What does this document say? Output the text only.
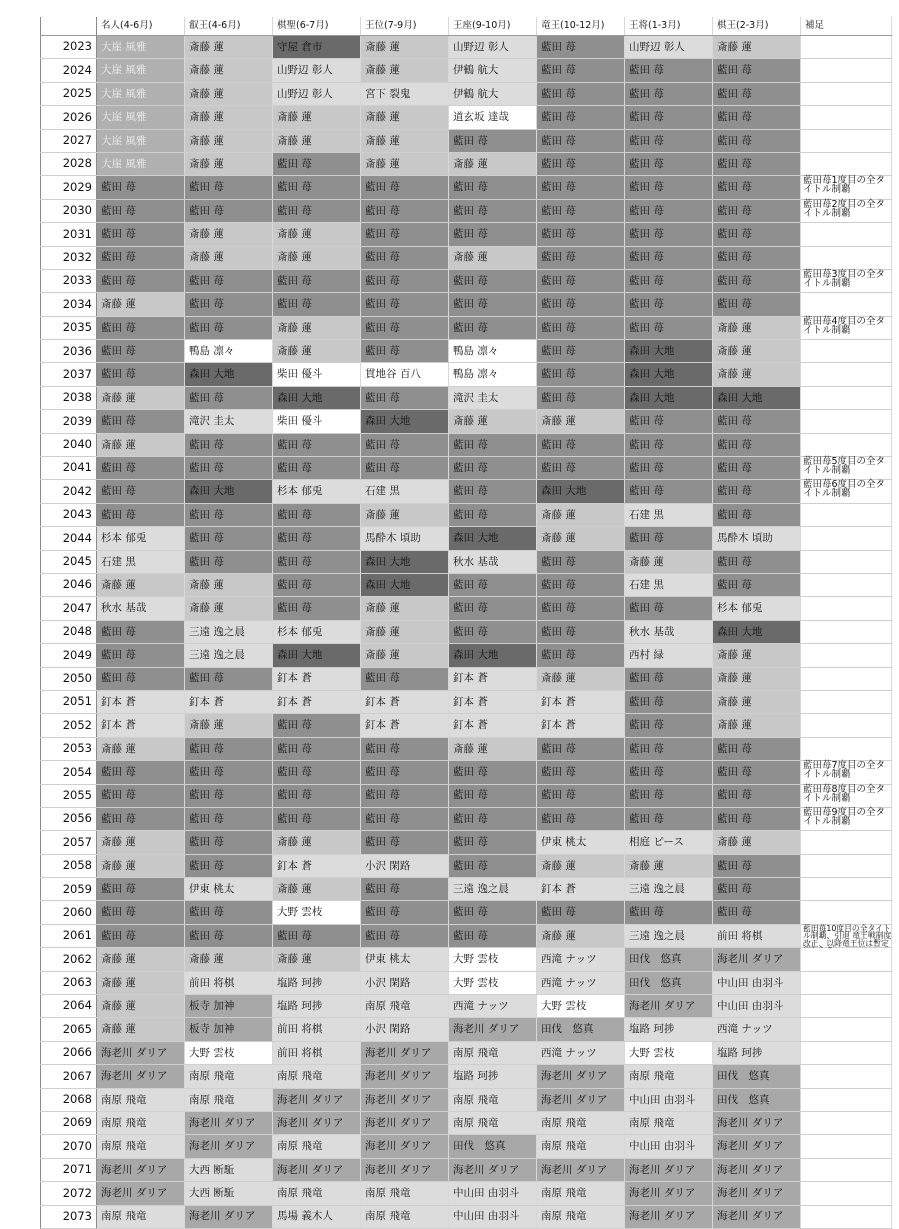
	名人(4-6月)	叡王(4-6月)	棋聖(6-7月)	王位(7-9月)	王座(9-10月)	竜王(10-12月)	王将(1-3月)	棋王(2-3月)	補足
2023	大崖 風雅	斎藤 蓮	守屋 倉市	斎藤 蓮	山野辺 彰人	藍田 苺	山野辺 彰人	斎藤 蓮	

2024	大崖 風雅	斎藤 蓮	山野辺 彰人	斎藤 蓮	伊鶴 航大	藍田 苺	藍田 苺	藍田 苺	

2025	大崖 風雅	斎藤 蓮	山野辺 彰人	宮下 裂鬼	伊鶴 航大	藍田 苺	藍田 苺	藍田 苺	

2026	大崖 風雅	斎藤 蓮	斎藤 蓮	斎藤 蓮	道玄坂 達哉	藍田 苺	藍田 苺	藍田 苺	

2027	大崖 風雅	斎藤 蓮	斎藤 蓮	斎藤 蓮	藍田 苺	藍田 苺	藍田 苺	藍田 苺	

2028	大崖 風雅	斎藤 蓮	藍田 苺	斎藤 蓮	斎藤 蓮	藍田 苺	藍田 苺	藍田 苺	

2029	藍田 苺	藍田 苺	藍田 苺	藍田 苺	藍田 苺	藍田 苺	藍田 苺	藍田 苺	藍田苺1度目の全タイトル制覇

2030	藍田 苺	藍田 苺	藍田 苺	藍田 苺	藍田 苺	藍田 苺	藍田 苺	藍田 苺	藍田苺2度目の全タイトル制覇

2031	藍田 苺	斎藤 蓮	斎藤 蓮	藍田 苺	藍田 苺	藍田 苺	藍田 苺	藍田 苺	

2032	藍田 苺	斎藤 蓮	斎藤 蓮	藍田 苺	斎藤 蓮	藍田 苺	藍田 苺	藍田 苺	

2033	藍田 苺	藍田 苺	藍田 苺	藍田 苺	藍田 苺	藍田 苺	藍田 苺	藍田 苺	藍田苺3度目の全タイトル制覇

2034	斎藤 蓮	藍田 苺	藍田 苺	藍田 苺	藍田 苺	藍田 苺	藍田 苺	藍田 苺	

2035	藍田 苺	藍田 苺	斎藤 蓮	藍田 苺	藍田 苺	藍田 苺	藍田 苺	斎藤 蓮	藍田苺4度目の全タイトル制覇

2036	藍田 苺	鴨島 凛々	斎藤 蓮	藍田 苺	鴨島 凛々	藍田 苺	森田 大地	斎藤 蓮	

2037	藍田 苺	森田 大地	柴田 優斗	貫地谷 百八	鴨島 凛々	藍田 苺	森田 大地	斎藤 蓮	

2038	斎藤 蓮	藍田 苺	森田 大地	藍田 苺	滝沢 圭太	藍田 苺	森田 大地	森田 大地	

2039	藍田 苺	滝沢 圭太	柴田 優斗	森田 大地	斎藤 蓮	斎藤 蓮	藍田 苺	藍田 苺	

2040	斎藤 蓮	藍田 苺	藍田 苺	藍田 苺	藍田 苺	藍田 苺	藍田 苺	藍田 苺	

2041	藍田 苺	藍田 苺	藍田 苺	藍田 苺	藍田 苺	藍田 苺	藍田 苺	藍田 苺	藍田苺5度目の全タイトル制覇

2042	藍田 苺	森田 大地	杉本 郁兎	石建 黒	藍田 苺	森田 大地	藍田 苺	藍田 苺	藍田苺6度目の全タイトル制覇

2043	藍田 苺	藍田 苺	藍田 苺	斎藤 蓮	藍田 苺	斎藤 蓮	石建 黒	藍田 苺	

2044	杉本 郁兎	藍田 苺	藍田 苺	馬酔木 頃助	森田 大地	斎藤 蓮	藍田 苺	馬酔木 頃助	

2045	石建 黒	藍田 苺	藍田 苺	森田 大地	秋水 基哉	藍田 苺	斎藤 蓮	藍田 苺	

2046	斎藤 蓮	斎藤 蓮	藍田 苺	森田 大地	藍田 苺	藍田 苺	石建 黒	藍田 苺	

2047	秋水 基哉	斎藤 蓮	藍田 苺	斎藤 蓮	藍田 苺	藍田 苺	藍田 苺	杉本 郁兎	

2048	藍田 苺	三遠 逸之晨	杉本 郁兎	斎藤 蓮	藍田 苺	藍田 苺	秋水 基哉	森田 大地	

2049	藍田 苺	三遠 逸之晨	森田 大地	斎藤 蓮	森田 大地	藍田 苺	西村 緑	斎藤 蓮	

2050	藍田 苺	藍田 苺	釘本 蒼	藍田 苺	釘本 蒼	斎藤 蓮	藍田 苺	斎藤 蓮	

2051	釘本 蒼	釘本 蒼	釘本 蒼	釘本 蒼	釘本 蒼	釘本 蒼	藍田 苺	斎藤 蓮	

2052	釘本 蒼	斎藤 蓮	藍田 苺	釘本 蒼	釘本 蒼	釘本 蒼	藍田 苺	斎藤 蓮	

2053	斎藤 蓮	藍田 苺	藍田 苺	藍田 苺	斎藤 蓮	藍田 苺	藍田 苺	藍田 苺	

2054	藍田 苺	藍田 苺	藍田 苺	藍田 苺	藍田 苺	藍田 苺	藍田 苺	藍田 苺	藍田苺7度目の全タイトル制覇

2055	藍田 苺	藍田 苺	藍田 苺	藍田 苺	藍田 苺	藍田 苺	藍田 苺	藍田 苺	藍田苺8度目の全タイトル制覇

2056	藍田 苺	藍田 苺	藍田 苺	藍田 苺	藍田 苺	藍田 苺	藍田 苺	藍田 苺	藍田苺9度目の全タイトル制覇

2057	斎藤 蓮	藍田 苺	斎藤 蓮	藍田 苺	藍田 苺	伊東 桃太	相庭 ピース	斎藤 蓮	

2058	斎藤 蓮	藍田 苺	釘本 蒼	小沢 閑路	藍田 苺	斎藤 蓮	斎藤 蓮	藍田 苺	

2059	藍田 苺	伊東 桃太	斎藤 蓮	藍田 苺	三遠 逸之晨	釘本 蒼	三遠 逸之晨	藍田 苺	

2060	藍田 苺	藍田 苺	大野 雲枝	藍田 苺	藍田 苺	藍田 苺	藍田 苺	藍田 苺	

2061	藍田 苺	藍田 苺	藍田 苺	藍田 苺	藍田 苺	斎藤 蓮	三遠 逸之晨	前田 将棋	藍田苺10度目の全タイトル制覇、引退 竜王戦制度改正、以降竜王位は暫定

2062	斎藤 蓮	斎藤 蓮	斎藤 蓮	伊東 桃太	大野 雲枝	西滝 ナッツ	田伐　悠真	海老川 ダリア	

2063	斎藤 蓮	前田 将棋	塩路 珂捗	小沢 閑路	大野 雲枝	西滝 ナッツ	田伐　悠真	中山田 由羽斗	

2064	斎藤 蓮	板寺 加神	塩路 珂捗	南原 飛竜	西滝 ナッツ	大野 雲枝	海老川 ダリア	中山田 由羽斗	

2065	斎藤 蓮	板寺 加神	前田 将棋	小沢 閑路	海老川 ダリア	田伐　悠真	塩路 珂捗	西滝 ナッツ	

2066	海老川 ダリア	大野 雲枝	前田 将棋	海老川 ダリア	南原 飛竜	西滝 ナッツ	大野 雲枝	塩路 珂捗	

2067	海老川 ダリア	南原 飛竜	南原 飛竜	海老川 ダリア	塩路 珂捗	海老川 ダリア	南原 飛竜	田伐　悠真	

2068	南原 飛竜	南原 飛竜	海老川 ダリア	海老川 ダリア	南原 飛竜	海老川 ダリア	中山田 由羽斗	田伐　悠真	

2069	南原 飛竜	海老川 ダリア	海老川 ダリア	海老川 ダリア	南原 飛竜	南原 飛竜	南原 飛竜	海老川 ダリア	

2070	南原 飛竜	海老川 ダリア	南原 飛竜	海老川 ダリア	田伐　悠真	南原 飛竜	中山田 由羽斗	海老川 ダリア	

2071	海老川 ダリア	大西 断駈	海老川 ダリア	海老川 ダリア	海老川 ダリア	海老川 ダリア	海老川 ダリア	海老川 ダリア	

2072	海老川 ダリア	大西 断駈	南原 飛竜	南原 飛竜	中山田 由羽斗	南原 飛竜	海老川 ダリア	海老川 ダリア	

2073	南原 飛竜	海老川 ダリア	馬場 義木人	南原 飛竜	中山田 由羽斗	南原 飛竜	海老川 ダリア	海老川 ダリア	
